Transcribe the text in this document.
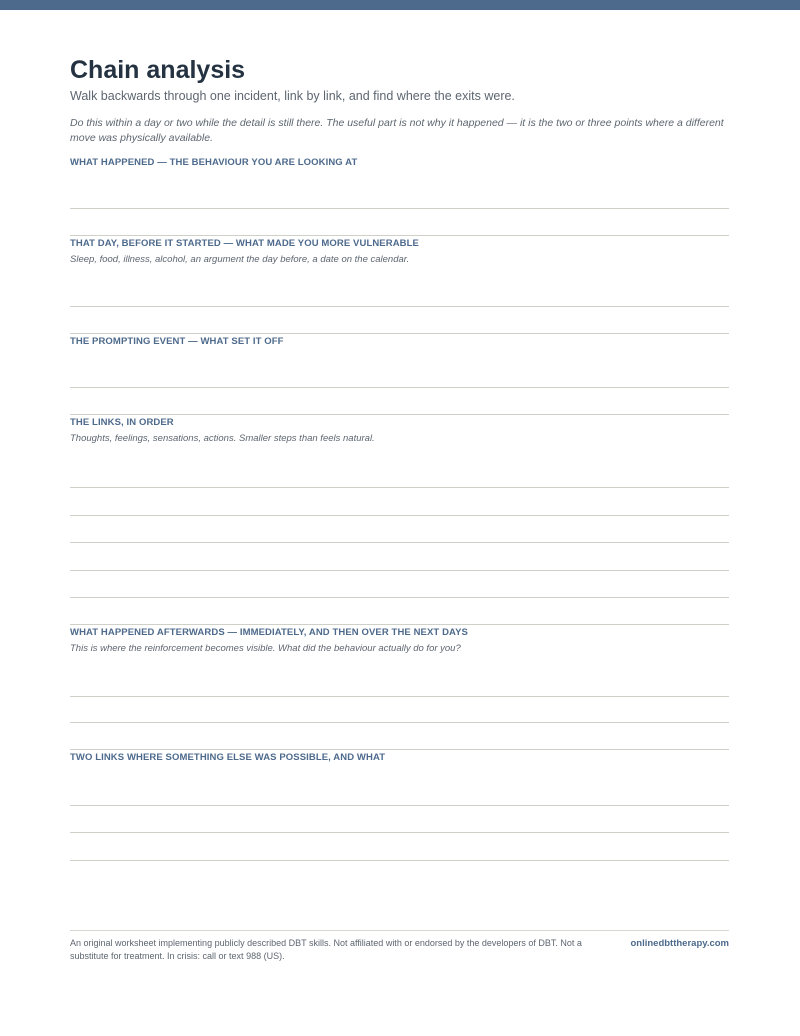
Chain analysis
Walk backwards through one incident, link by link, and find where the exits were.
Do this within a day or two while the detail is still there. The useful part is not why it happened — it is the two or three points where a different move was physically available.
WHAT HAPPENED — THE BEHAVIOUR YOU ARE LOOKING AT
THAT DAY, BEFORE IT STARTED — WHAT MADE YOU MORE VULNERABLE
Sleep, food, illness, alcohol, an argument the day before, a date on the calendar.
THE PROMPTING EVENT — WHAT SET IT OFF
THE LINKS, IN ORDER
Thoughts, feelings, sensations, actions. Smaller steps than feels natural.
WHAT HAPPENED AFTERWARDS — IMMEDIATELY, AND THEN OVER THE NEXT DAYS
This is where the reinforcement becomes visible. What did the behaviour actually do for you?
TWO LINKS WHERE SOMETHING ELSE WAS POSSIBLE, AND WHAT
An original worksheet implementing publicly described DBT skills. Not affiliated with or endorsed by the developers of DBT. Not a substitute for treatment. In crisis: call or text 988 (US).
onlinedbttherapy.com
